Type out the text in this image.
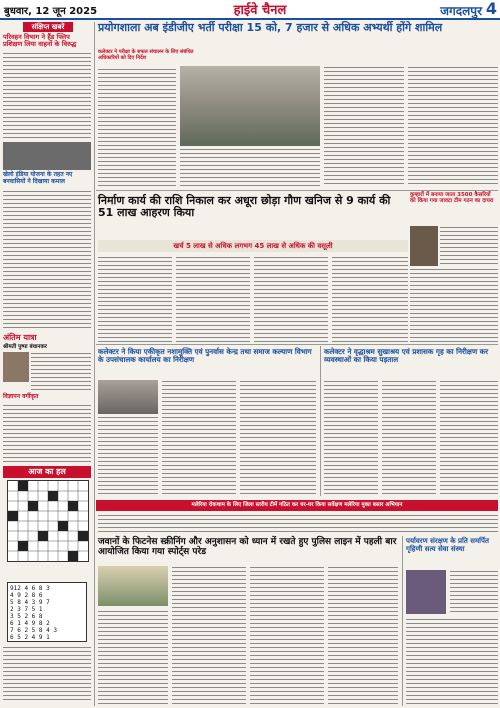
बुधवार, 12 जून 2025	हाईवे चैनल	जगदलपुर 4
संक्षिप्त खबरें
परिवहन विभाग ने हैंड फ्लिप प्रशिक्षण लिया वाहनों के विरुद्ध
खेलो इंडिया योजना के तहत नए बनवासियों ने दिखाया कमाल
अंतिम यात्रा
श्रीमती पुष्पा बंधानकर
विज्ञापन वर्गीकृत
आज का हल
912 4 6 8 3
4 9 2 8 6
5 8 4 3 9 7
2 3 7 5 1
3 5 2 6 8
6 1 4 9 8 2
7 6 2 5 8 4 3
6 5 2 4 9 1
प्रयोगशाला अब इंडीजीए भर्ती परीक्षा 15 को, 7 हजार से अधिक अभ्यर्थी होंगे शामिल
कलेक्टर ने परीक्षा के सफल संचालन के लिए संबंधित अधिकारियों को दिए निर्देश
निर्माण कार्य की राशि निकाल कर अधूरा छोड़ा गौण खनिज से 9 कार्य की 51 लाख आहरण किया
खर्च 5 लाख से अधिक लगभग 45 लाख से अधिक की वसूली
कुम्हारों में बनाया जाता 3500 कैसरियों को किया गया जावटा टीम गठन का दायरा
कलेक्टर ने किया एकीकृत नशामुक्ति एवं पुनर्वास केन्द्र तथा समाज कल्याण विभाग के उपसंचालक कार्यालय का निरीक्षण
कलेक्टर ने वृद्धाश्रम सुखाश्रय एवं प्रशासक गृह का निरीक्षण कर व्यवस्थाओं का किया पड़ताल
मलेरिया रोकथाम के लिए जिला स्तरीय टीमें गठित कर घर-घर किया सर्वेक्षण मलेरिया मुक्त बस्तर अभियान
जवानों के फिटनेस स्क्रीनिंग और अनुशासन को ध्यान में रखते हुए पुलिस लाइन में पहली बार आयोजित किया गया स्पोर्ट्स परेड
पर्यावरण संरक्षण के प्रति समर्पित गृहिणी सत्य सेवा संस्था
